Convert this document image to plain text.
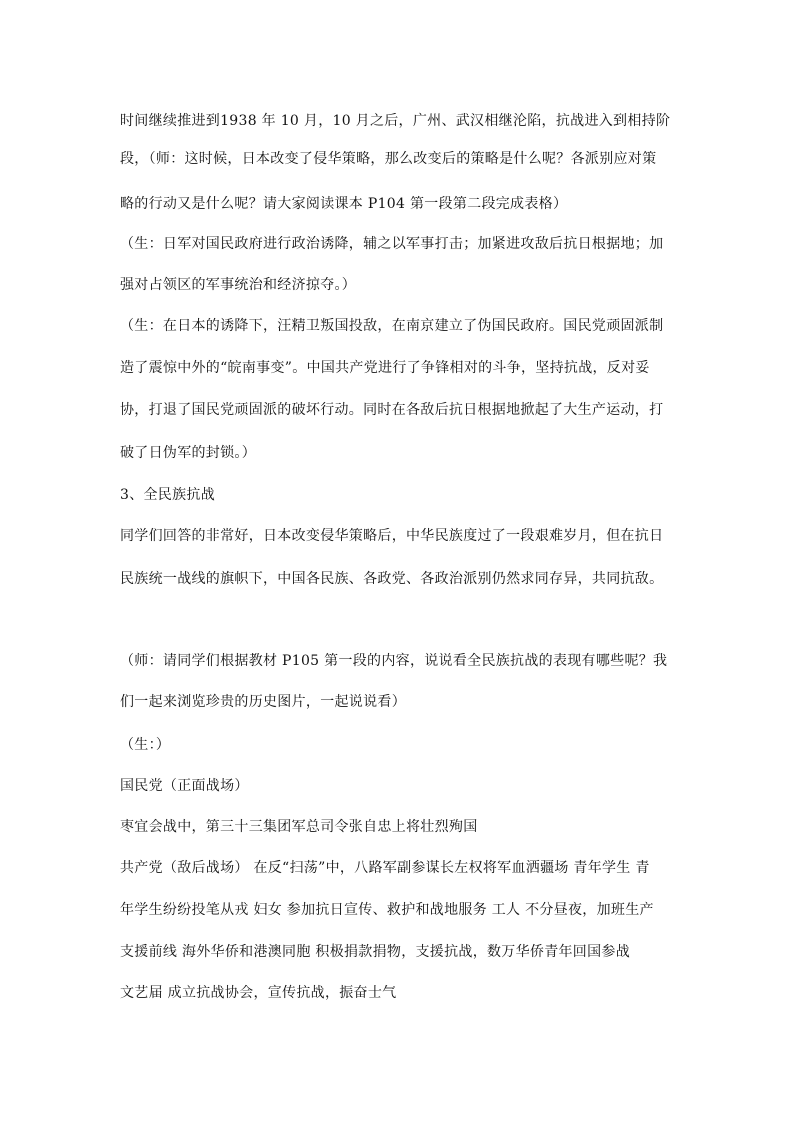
时间继续推进到1938 年 10 月，10 月之后，广州、武汉相继沦陷，抗战进入到相持阶
段，（师：这时候，日本改变了侵华策略，那么改变后的策略是什么呢？各派别应对策
略的行动又是什么呢？请大家阅读课本 P104 第一段第二段完成表格）
（生：日军对国民政府进行政治诱降，辅之以军事打击；加紧进攻敌后抗日根据地；加
强对占领区的军事统治和经济掠夺。）
（生：在日本的诱降下，汪精卫叛国投敌，在南京建立了伪国民政府。国民党顽固派制
造了震惊中外的“皖南事变”。中国共产党进行了争锋相对的斗争，坚持抗战，反对妥
协，打退了国民党顽固派的破坏行动。同时在各敌后抗日根据地掀起了大生产运动，打
破了日伪军的封锁。）
3、全民族抗战
同学们回答的非常好，日本改变侵华策略后，中华民族度过了一段艰难岁月，但在抗日
民族统一战线的旗帜下，中国各民族、各政党、各政治派别仍然求同存异，共同抗敌。
（师：请同学们根据教材 P105 第一段的内容，说说看全民族抗战的表现有哪些呢？我
们一起来浏览珍贵的历史图片，一起说说看）
（生：）
国民党（正面战场）
枣宜会战中，第三十三集团军总司令张自忠上将壮烈殉国
共产党（敌后战场） 在反“扫荡”中，八路军副参谋长左权将军血洒疆场 青年学生 青
年学生纷纷投笔从戎 妇女 参加抗日宣传、救护和战地服务 工人 不分昼夜，加班生产
支援前线 海外华侨和港澳同胞 积极捐款捐物，支援抗战，数万华侨青年回国参战
文艺届 成立抗战协会，宣传抗战，振奋士气
